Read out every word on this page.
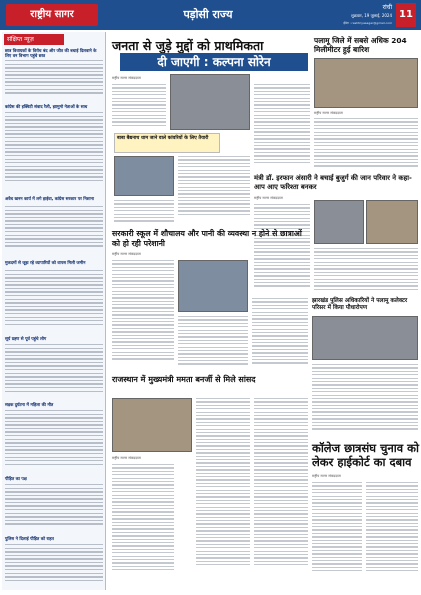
राष्ट्रीय सागर	पड़ोसी राज्य
रांची
शुक्रवार, 19 जुलाई, 2024
ईमेल : rashtriyasagar@gmail.com
11
संक्षिप्त न्यूज़
छात्र विधायकों के विरोध बंद और जीत की बधाई दिलवाने के लिए वन विभाग पहुंचे छात्र
कांग्रेस की इक्विटी संवाद रैली, झामुमो नेताओं के साथ
अवैध खनन कार्य में लगे हाईवा, कांग्रेस सरकार पर निशाना
मुकदमों से जूझ रहे व्यापारियों को वापस मिली जमीन
सूर्य ग्रहण से पूर्व पहुंचे लोग
सड़क दुर्घटना में महिला की मौत
पीड़ित का पक्ष
पुलिस ने दिलाई पीड़ित को राहत
जनता से जुड़े मुद्दों को प्राथमिकता
दी जाएगी : कल्पना सोरेन
राष्ट्रीय सागर संवाददाता
पलामू जिले में सबसे अधिक 204 मिलीमीटर हुई बारिश
राष्ट्रीय सागर संवाददाता
बाबा बैद्यनाथ धाम जाने वाले कांवरियों के लिए तैयारी
मंत्री डॉ. इरफान अंसारी ने बचाई बुजुर्ग की जान परिवार ने कहा-आप आए फरिश्ता बनकर
राष्ट्रीय सागर संवाददाता
सरकारी स्कूल में शौचालय और पानी की व्यवस्था न होने से छात्राओं को हो रही परेशानी
राष्ट्रीय सागर संवाददाता
झारखंड पुलिस अधिकारियों ने पलामू कलेक्टर परिसर में किया पौधारोपण
राजस्थान में मुख्यमंत्री ममता बनर्जी से मिले सांसद
राष्ट्रीय सागर संवाददाता
कॉलेज छात्रसंघ चुनाव को लेकर हाईकोर्ट का दबाव
राष्ट्रीय सागर संवाददाता
